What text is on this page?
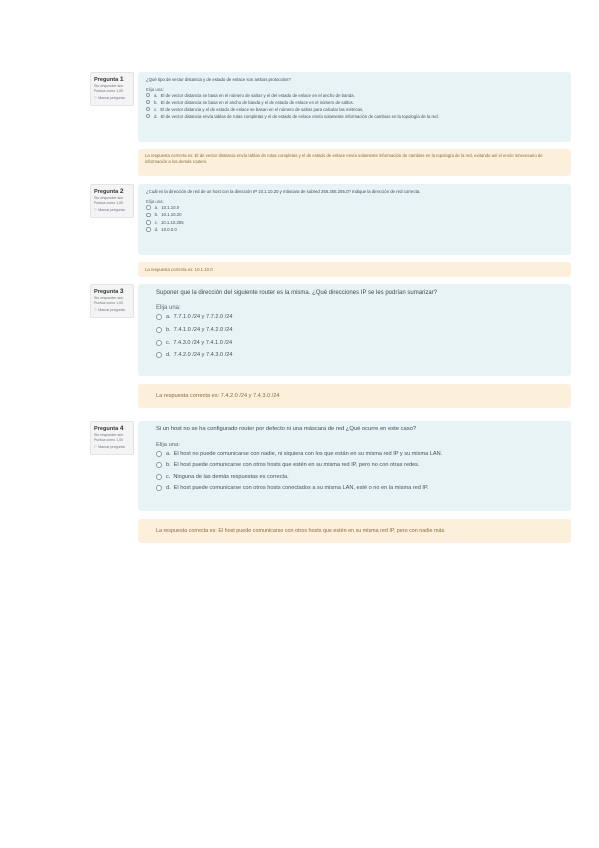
Pregunta 1
Sin responder aún
Puntúa como 1,00
⚐ Marcar pregunta
¿Qué tipo de vector distancia y de estado de enlace son ambos protocolos?
Elija una:
a. El de vector distancia se basa en el número de saltos y el del estado de enlace en el ancho de banda.
b. El de vector distancia se basa en el ancho de banda y el de estado de enlace en el número de saltos.
c. El de vector distancia y el de estado de enlace se basan en el número de saltos para calcular las métricas.
d. El de vector distancia envía tablas de rutas completas y el de estado de enlace envía solamente información de cambios en la topología de la red.
La respuesta correcta es: El de vector distancia envía tablas de rutas completas y el de estado de enlace envía solamente información de cambios en la topología de la red, evitando así el envío innecesario de información a los demás routers.
Pregunta 2
Sin responder aún
Puntúa como 1,00
⚐ Marcar pregunta
¿Cuál es la dirección de red de un host con la dirección IP 10.1.10.20 y máscara de subred 255.255.255.0? Indique la dirección de red correcta.
Elija una:
a. 10.1.10.0
b. 10.1.10.20
c. 10.1.10.255
d. 10.0.0.0
La respuesta correcta es: 10.1.10.0
Pregunta 3
Sin responder aún
Puntúa como 1,00
⚐ Marcar pregunta
Suponer que la dirección del siguiente router es la misma. ¿Qué direcciones IP se les podrían sumarizar?
Elija una:
a. 7.7.1.0 /24 y 7.7.2.0 /24
b. 7.4.1.0 /24 y 7.4.2.0 /24
c. 7.4.3.0 /24 y 7.4.1.0 /24
d. 7.4.2.0 /24 y 7.4.3.0 /24
La respuesta correcta es: 7.4.2.0 /24 y 7.4.3.0 /24
Pregunta 4
Sin responder aún
Puntúa como 1,00
⚐ Marcar pregunta
Si un host no se ha configurado router por defecto ni una máscara de red ¿Qué ocurre en este caso?
Elija una:
a. El host no puede comunicarse con nadie, ni siquiera con los que están en su misma red IP y su misma LAN.
b. El host puede comunicarse con otros hosts que estén en su misma red IP, pero no con otras redes.
c. Ninguna de las demás respuestas es correcta.
d. El host puede comunicarse con otros hosts conectados a su misma LAN, esté o no en la misma red IP.
La respuesta correcta es: El host puede comunicarse con otros hosts que estén en su misma red IP, pero con nadie más.
